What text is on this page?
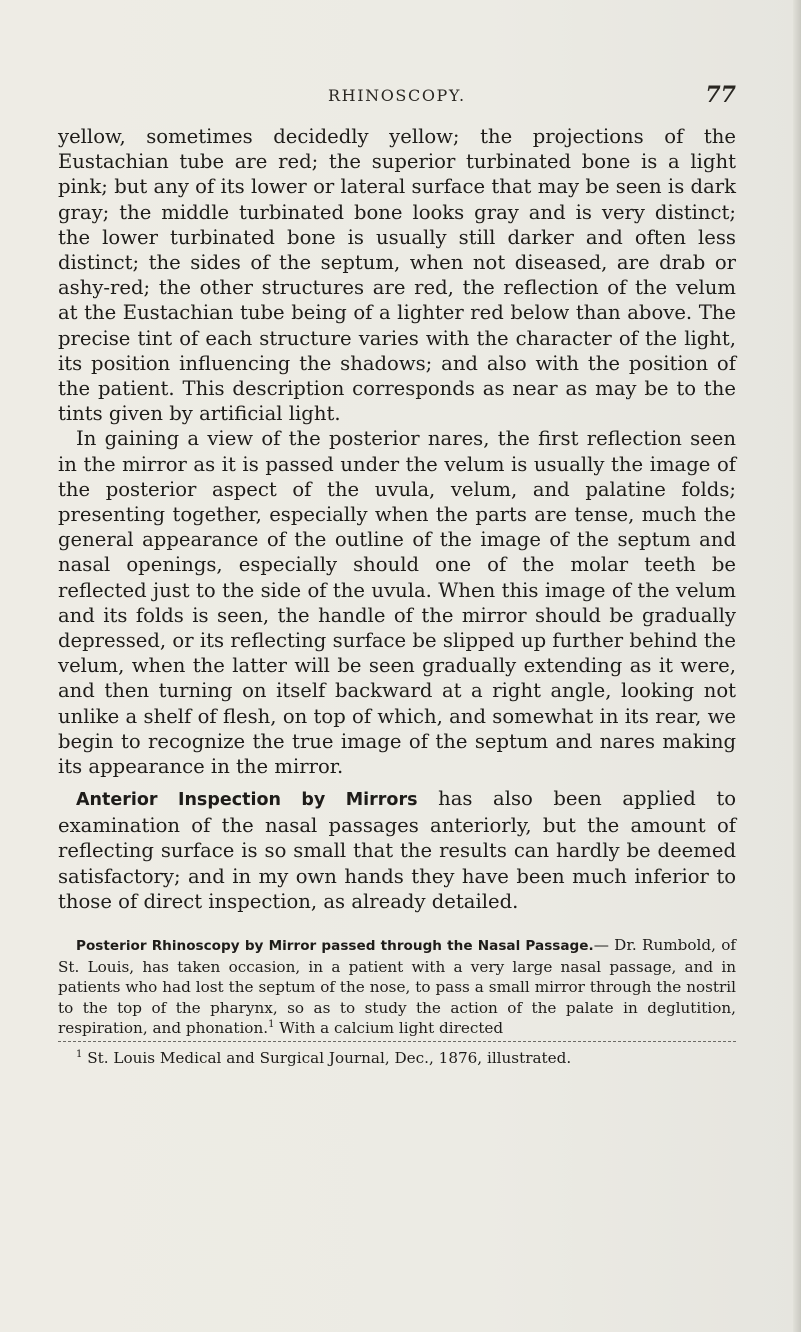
RHINOSCOPY.	77

yellow, sometimes decidedly yellow; the projections of the Eustachian tube are red; the superior turbinated bone is a light pink; but any of its lower or lateral surface that may be seen is dark gray; the middle turbinated bone looks gray and is very distinct; the lower turbinated bone is usually still darker and often less distinct; the sides of the septum, when not diseased, are drab or ashy-red; the other structures are red, the reflection of the velum at the Eustachian tube being of a lighter red below than above. The precise tint of each structure varies with the character of the light, its position influencing the shadows; and also with the position of the patient. This description corresponds as near as may be to the tints given by artificial light.

In gaining a view of the posterior nares, the first reflection seen in the mirror as it is passed under the velum is usually the image of the posterior aspect of the uvula, velum, and palatine folds; presenting together, especially when the parts are tense, much the general appearance of the outline of the image of the septum and nasal openings, especially should one of the molar teeth be reflected just to the side of the uvula. When this image of the velum and its folds is seen, the handle of the mirror should be gradually depressed, or its reflecting surface be slipped up further behind the velum, when the latter will be seen gradually extending as it were, and then turning on itself backward at a right angle, looking not unlike a shelf of flesh, on top of which, and somewhat in its rear, we begin to recognize the true image of the septum and nares making its appearance in the mirror.

Anterior Inspection by Mirrors has also been applied to examination of the nasal passages anteriorly, but the amount of reflecting surface is so small that the results can hardly be deemed satisfactory; and in my own hands they have been much inferior to those of direct inspection, as already detailed.

Posterior Rhinoscopy by Mirror passed through the Nasal Passage.— Dr. Rumbold, of St. Louis, has taken occasion, in a patient with a very large nasal passage, and in patients who had lost the septum of the nose, to pass a small mirror through the nostril to the top of the pharynx, so as to study the action of the palate in deglutition, respiration, and phonation.$^1$ With a calcium light directed

$^1$ St. Louis Medical and Surgical Journal, Dec., 1876, illustrated.
